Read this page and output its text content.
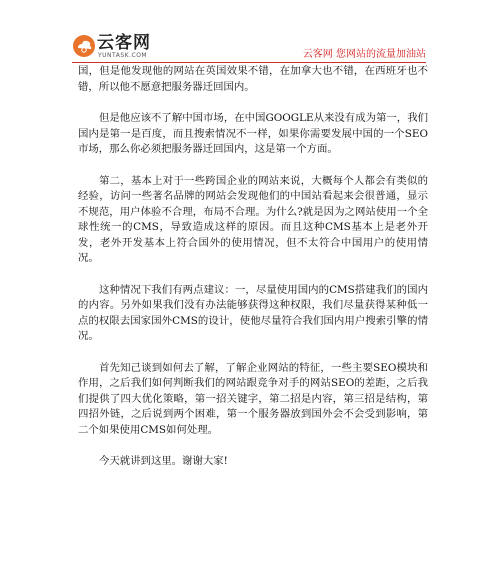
云客网
YUNTASK.COM	云客网 您网站的流量加油站

国，但是他发现他的网站在英国效果不错，在加拿大也不错，在西班牙也不错，所以他不愿意把服务器迁回国内。

但是他应该不了解中国市场，在中国GOOGLE从来没有成为第一，我们国内是第一是百度，而且搜索情况不一样，如果你需要发展中国的一个SEO市场，那么你必须把服务器迁回国内，这是第一个方面。

第二，基本上对于一些跨国企业的网站来说，大概每个人都会有类似的经验，访问一些著名品牌的网站会发现他们的中国站看起来会很普通，显示不规范，用户体验不合理，布局不合理。为什么?就是因为之网站使用一个全球性统一的CMS，导致造成这样的原因。而且这种CMS基本上是老外开发，老外开发基本上符合国外的使用情况，但不太符合中国用户的使用情况。

这种情况下我们有两点建议：一，尽量使用国内的CMS搭建我们的国内的内容。另外如果我们没有办法能够获得这种权限，我们尽量获得某种低一点的权限去国家国外CMS的设计，使他尽量符合我们国内用户搜索引擎的情况。

首先知己谈到如何去了解，了解企业网站的特征，一些主要SEO模块和作用，之后我们如何判断我们的网站跟竞争对手的网站SEO的差距，之后我们提供了四大优化策略，第一招关键字，第二招是内容，第三招是结构，第四招外链，之后说到两个困难，第一个服务器放到国外会不会受到影响，第二个如果使用CMS如何处理。

今天就讲到这里。谢谢大家!
